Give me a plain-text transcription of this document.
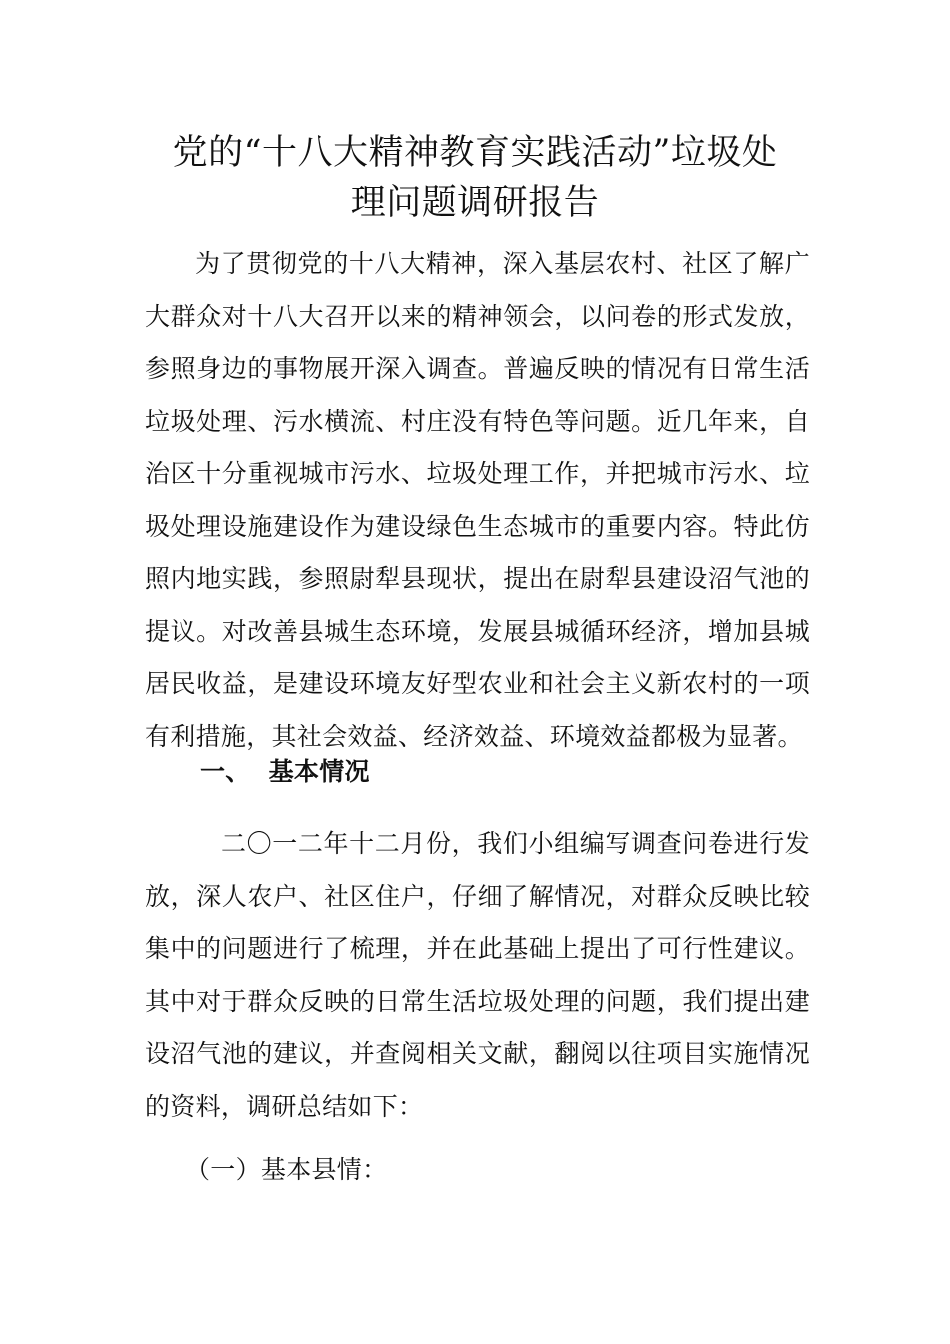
党的“十八大精神教育实践活动”垃圾处
理问题调研报告

为了贯彻党的十八大精神，深入基层农村、社区了解广大群众对十八大召开以来的精神领会，以问卷的形式发放，参照身边的事物展开深入调查。普遍反映的情况有日常生活垃圾处理、污水横流、村庄没有特色等问题。近几年来，自治区十分重视城市污水、垃圾处理工作，并把城市污水、垃圾处理设施建设作为建设绿色生态城市的重要内容。特此仿照内地实践，参照尉犁县现状，提出在尉犁县建设沼气池的提议。对改善县城生态环境，发展县城循环经济，增加县城居民收益，是建设环境友好型农业和社会主义新农村的一项有利措施，其社会效益、经济效益、环境效益都极为显著。

一、 基本情况

二〇一二年十二月份，我们小组编写调查问卷进行发放，深人农户、社区住户，仔细了解情况，对群众反映比较集中的问题进行了梳理，并在此基础上提出了可行性建议。其中对于群众反映的日常生活垃圾处理的问题，我们提出建设沼气池的建议，并查阅相关文献，翻阅以往项目实施情况的资料，调研总结如下：

（一）基本县情：
